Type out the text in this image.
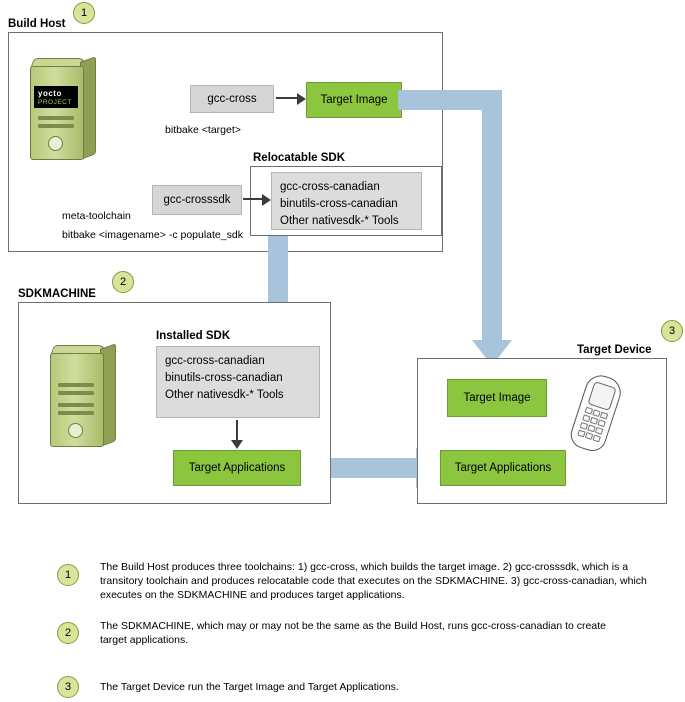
Build Host
1
yocto
PROJECT	gcc-cross	Target Image
bitbake <target>
Relocatable SDK
gcc-cross-canadian
binutils-cross-canadian
Other nativesdk-* Tools
gcc-crosssdk
meta-toolchain
bitbake <imagename> -c populate_sdk
SDKMACHINE
2
Installed SDK
gcc-cross-canadian
binutils-cross-canadian
Other nativesdk-* Tools
Target Applications
Target Device
3
Target Image
Target Applications
1
The Build Host produces three toolchains: 1) gcc-cross, which builds the target image. 2) gcc-crosssdk, which is a transitory toolchain and produces relocatable code that executes on the SDKMACHINE. 3) gcc-cross-canadian, which executes on the SDKMACHINE and produces target applications.
2
The SDKMACHINE, which may or may not be the same as the Build Host, runs gcc-cross-canadian to create target applications.
3	The Target Device run the Target Image and Target Applications.
